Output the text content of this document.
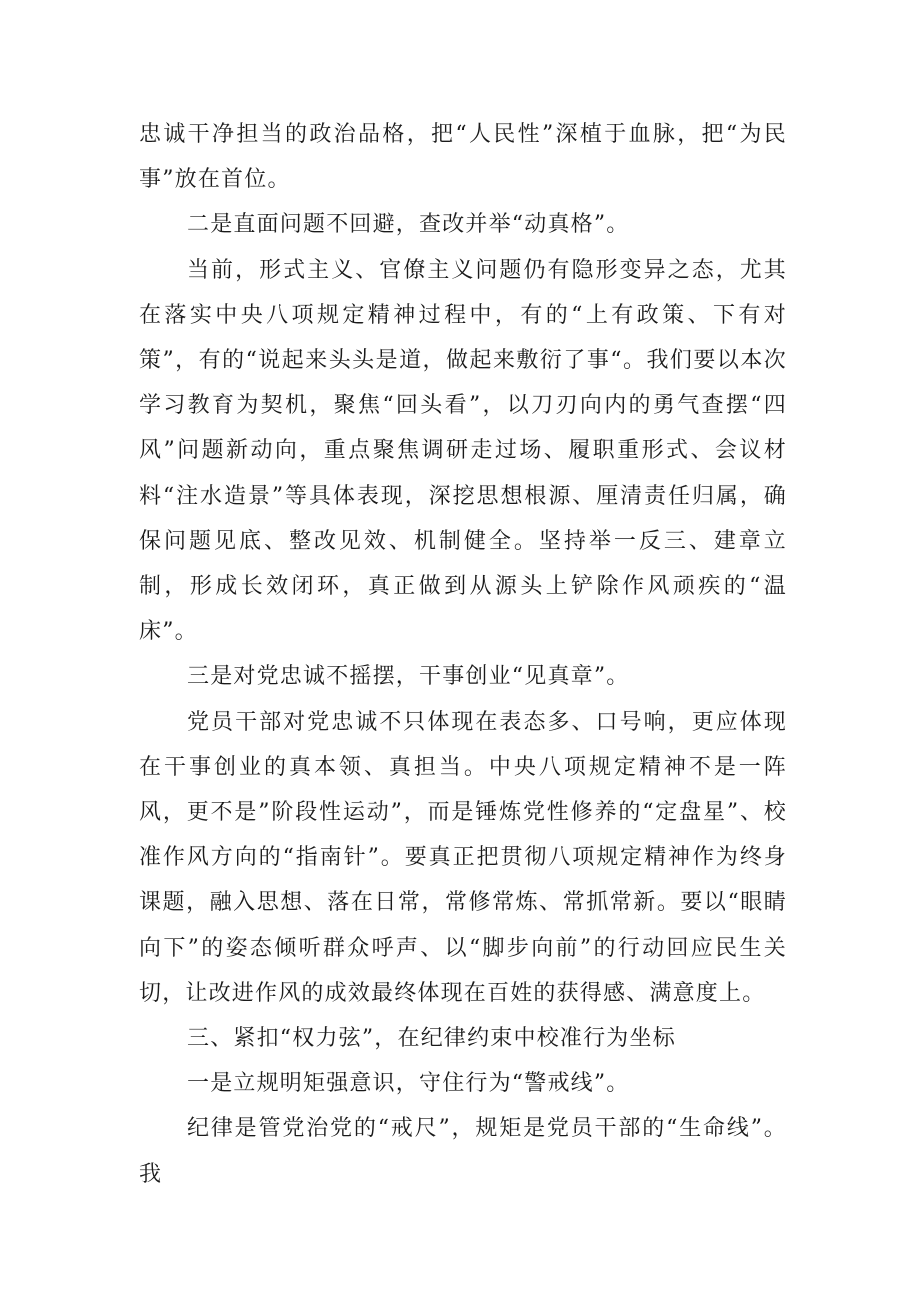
忠诚干净担当的政治品格，把“人民性”深植于血脉，把“为民事”放在首位。

二是直面问题不回避，查改并举“动真格”。

当前，形式主义、官僚主义问题仍有隐形变异之态，尤其在落实中央八项规定精神过程中，有的“上有政策、下有对策”，有的“说起来头头是道，做起来敷衍了事“。我们要以本次学习教育为契机，聚焦“回头看”，以刀刃向内的勇气查摆“四风”问题新动向，重点聚焦调研走过场、履职重形式、会议材料“注水造景”等具体表现，深挖思想根源、厘清责任归属，确保问题见底、整改见效、机制健全。坚持举一反三、建章立制，形成长效闭环，真正做到从源头上铲除作风顽疾的“温床”。

三是对党忠诚不摇摆，干事创业“见真章”。

党员干部对党忠诚不只体现在表态多、口号响，更应体现在干事创业的真本领、真担当。中央八项规定精神不是一阵风，更不是”阶段性运动”，而是锤炼党性修养的“定盘星”、校准作风方向的“指南针”。要真正把贯彻八项规定精神作为终身课题，融入思想、落在日常，常修常炼、常抓常新。要以“眼睛向下”的姿态倾听群众呼声、以“脚步向前”的行动回应民生关切，让改进作风的成效最终体现在百姓的获得感、满意度上。

三、紧扣“权力弦”，在纪律约束中校准行为坐标

一是立规明矩强意识，守住行为“警戒线”。

纪律是管党治党的“戒尺”，规矩是党员干部的“生命线”。我
